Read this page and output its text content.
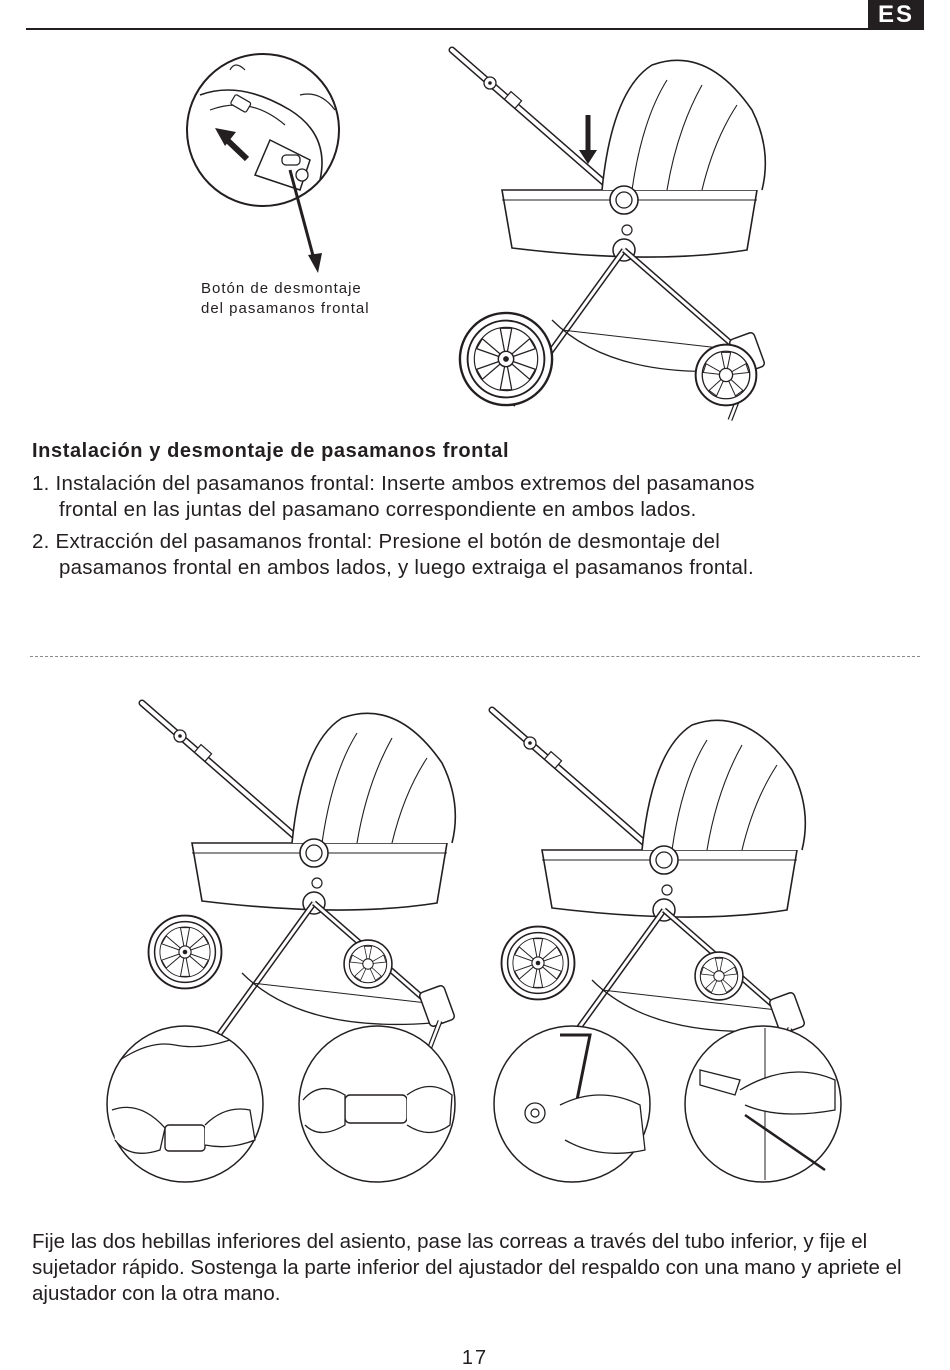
ES
Botón de desmontaje
del pasamanos frontal
Instalación y desmontaje de pasamanos frontal
1. Instalación del pasamanos frontal: Inserte ambos extremos del pasamanos
frontal en las juntas del pasamano correspondiente en ambos lados.
2. Extracción del pasamanos frontal: Presione el botón de desmontaje del
pasamanos frontal en ambos lados, y luego extraiga el pasamanos frontal.
Fije las dos hebillas inferiores del asiento, pase las correas a través del tubo inferior, y fije el sujetador rápido. Sostenga la parte inferior del ajustador del respaldo con una mano y apriete el ajustador con la otra mano.
17
